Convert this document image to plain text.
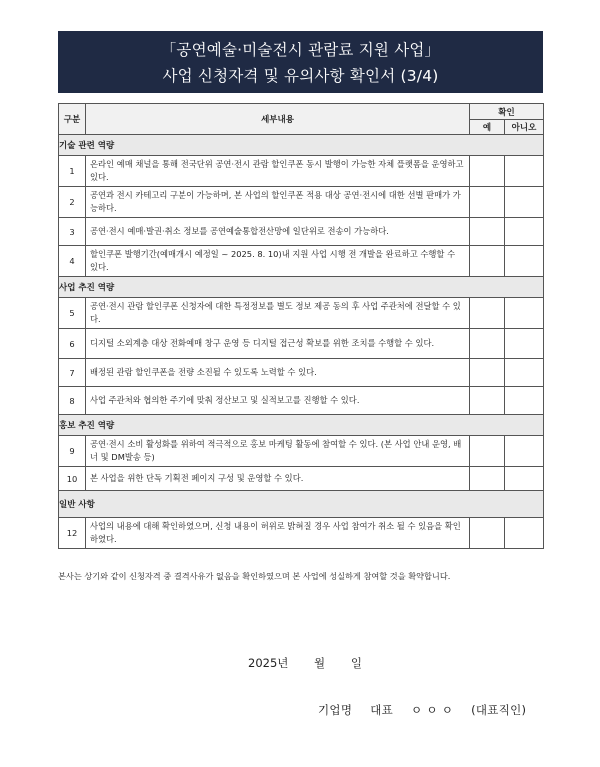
「공연예술·미술전시 관람료 지원 사업」
사업 신청자격 및 유의사항 확인서 (3/4)
구분	세부내용	확인	
		예	아니오
기술 관련 역량			
1	온라인 예매 채널을 통해 전국단위 공연·전시 관람 할인쿠폰 동시 발행이 가능한 자체 플랫폼을 운영하고 있다.		
2	공연과 전시 카테고리 구분이 가능하며, 본 사업의 할인쿠폰 적용 대상 공연·전시에 대한 선별 판매가 가능하다.		
3	공연·전시 예매·발권·취소 정보를 공연예술통합전산망에 일단위로 전송이 가능하다.		
4	할인쿠폰 발행기간(예매개시 예정일 ~ 2025. 8. 10)내 지원 사업 시행 전 개발을 완료하고 수행할 수 있다.		
사업 추진 역량			
5	공연·전시 관람 할인쿠폰 신청자에 대한 특정정보를 별도 정보 제공 동의 후 사업 주관처에 전달할 수 있다.		
6	디지털 소외계층 대상 전화예매 창구 운영 등 디지털 접근성 확보를 위한 조치를 수행할 수 있다.		
7	배정된 관람 할인쿠폰을 전량 소진될 수 있도록 노력할 수 있다.		
8	사업 주관처와 협의한 주기에 맞춰 정산보고 및 실적보고를 진행할 수 있다.		
홍보 추진 역량			
9	공연·전시 소비 활성화를 위하여 적극적으로 홍보 마케팅 활동에 참여할 수 있다. (본 사업 안내 운영, 배너 및 DM발송 등)		
10	본 사업을 위한 단독 기획전 페이지 구성 및 운영할 수 있다.		
일반 사항			
12	사업의 내용에 대해 확인하였으며, 신청 내용이 허위로 밝혀질 경우 사업 참여가 취소 될 수 있음을 확인하였다.		
본사는 상기와 같이 신청자격 중 결격사유가 없음을 확인하였으며 본 사업에 성실하게 참여할 것을 확약합니다.
2025년 월 일
기업명 대표 ㅇ ㅇ ㅇ (대표직인)
